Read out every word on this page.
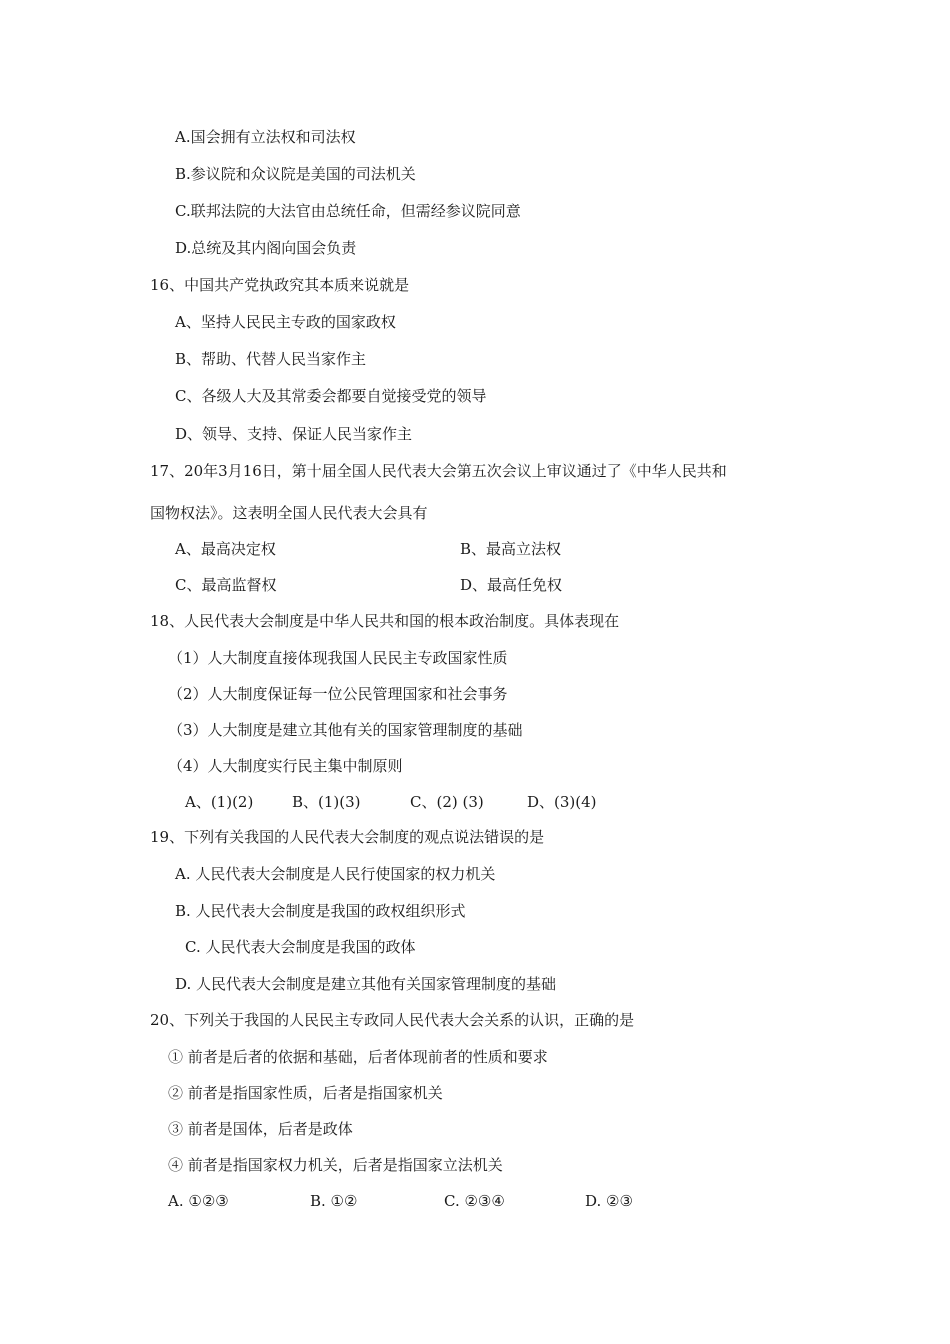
A.国会拥有立法权和司法权
B.参议院和众议院是美国的司法机关
C.联邦法院的大法官由总统任命，但需经参议院同意
D.总统及其内阁向国会负责
16、中国共产党执政究其本质来说就是
A、坚持人民民主专政的国家政权
B、帮助、代替人民当家作主
C、各级人大及其常委会都要自觉接受党的领导
D、领导、支持、保证人民当家作主
17、20年3月16日，第十届全国人民代表大会第五次会议上审议通过了《中华人民共和
国物权法》。这表明全国人民代表大会具有
A、最高决定权	B、最高立法权
C、最高监督权	D、最高任免权
18、人民代表大会制度是中华人民共和国的根本政治制度。具体表现在
（1）人大制度直接体现我国人民民主专政国家性质
（2）人大制度保证每一位公民管理国家和社会事务
（3）人大制度是建立其他有关的国家管理制度的基础
（4）人大制度实行民主集中制原则
A、(1)(2)	B、(1)(3)	C、(2) (3)	D、(3)(4)
19、下列有关我国的人民代表大会制度的观点说法错误的是
A. 人民代表大会制度是人民行使国家的权力机关
B. 人民代表大会制度是我国的政权组织形式
C. 人民代表大会制度是我国的政体
D. 人民代表大会制度是建立其他有关国家管理制度的基础
20、下列关于我国的人民民主专政同人民代表大会关系的认识，正确的是
① 前者是后者的依据和基础，后者体现前者的性质和要求
② 前者是指国家性质，后者是指国家机关
③ 前者是国体，后者是政体
④ 前者是指国家权力机关，后者是指国家立法机关
A. ①②③	B. ①②	C. ②③④	D. ②③
